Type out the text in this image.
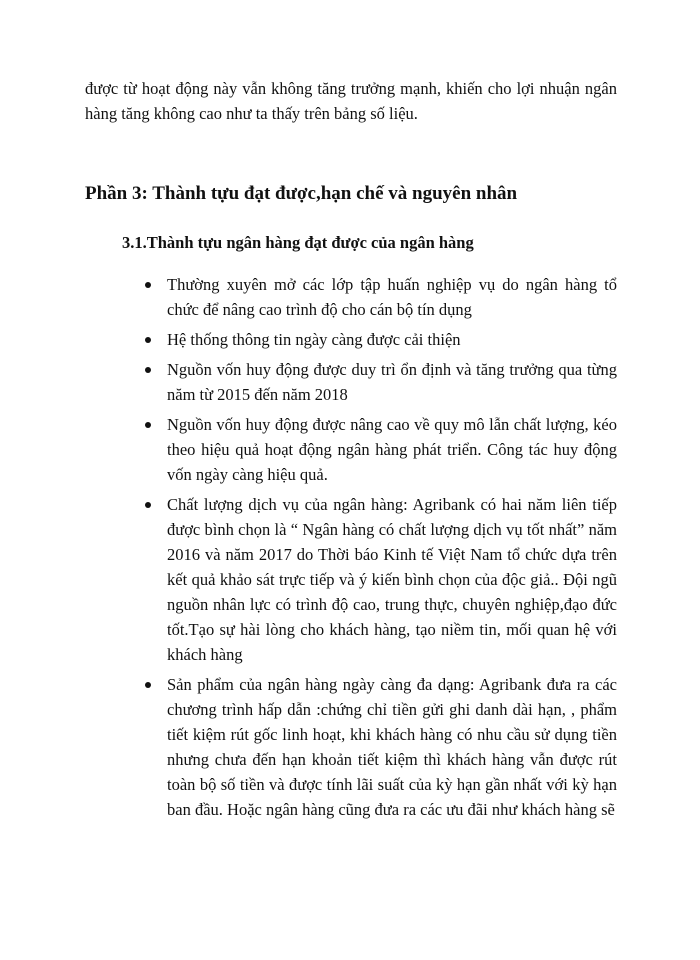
được từ hoạt động này vẫn không tăng trưởng mạnh, khiến cho lợi nhuận ngân hàng tăng không cao như ta thấy trên bảng số liệu.

Phần 3: Thành tựu đạt được,hạn chế và nguyên nhân
3.1.Thành tựu ngân hàng đạt được của ngân hàng
Thường xuyên mở các lớp tập huấn nghiệp vụ do ngân hàng tổ chức để nâng cao trình độ cho cán bộ tín dụng
Hệ thống thông tin ngày càng được cải thiện
Nguồn vốn huy động được duy trì ổn định và tăng trưởng qua từng năm từ 2015 đến năm 2018
Nguồn vốn huy động được nâng cao về quy mô lẫn chất lượng, kéo theo hiệu quả hoạt động ngân hàng phát triển. Công tác huy động vốn ngày càng hiệu quả.
Chất lượng dịch vụ của ngân hàng: Agribank có hai năm liên tiếp được bình chọn là “ Ngân hàng có chất lượng dịch vụ tốt nhất” năm 2016 và năm 2017 do Thời báo Kinh tế Việt Nam tổ chức dựa trên kết quả khảo sát trực tiếp và ý kiến bình chọn của độc giả.. Đội ngũ nguồn nhân lực có trình độ cao, trung thực, chuyên nghiệp,đạo đức tốt.Tạo sự hài lòng cho khách hàng, tạo niềm tin, mối quan hệ với khách hàng
Sản phẩm của ngân hàng ngày càng đa dạng: Agribank đưa ra các chương trình hấp dẫn :chứng chỉ tiền gửi ghi danh dài hạn, , phẩm tiết kiệm rút gốc linh hoạt, khi khách hàng có nhu cầu sử dụng tiền nhưng chưa đến hạn khoản tiết kiệm thì khách hàng vẫn được rút toàn bộ số tiền và được tính lãi suất của kỳ hạn gần nhất với kỳ hạn ban đầu. Hoặc ngân hàng cũng đưa ra các ưu đãi như khách hàng sẽ
